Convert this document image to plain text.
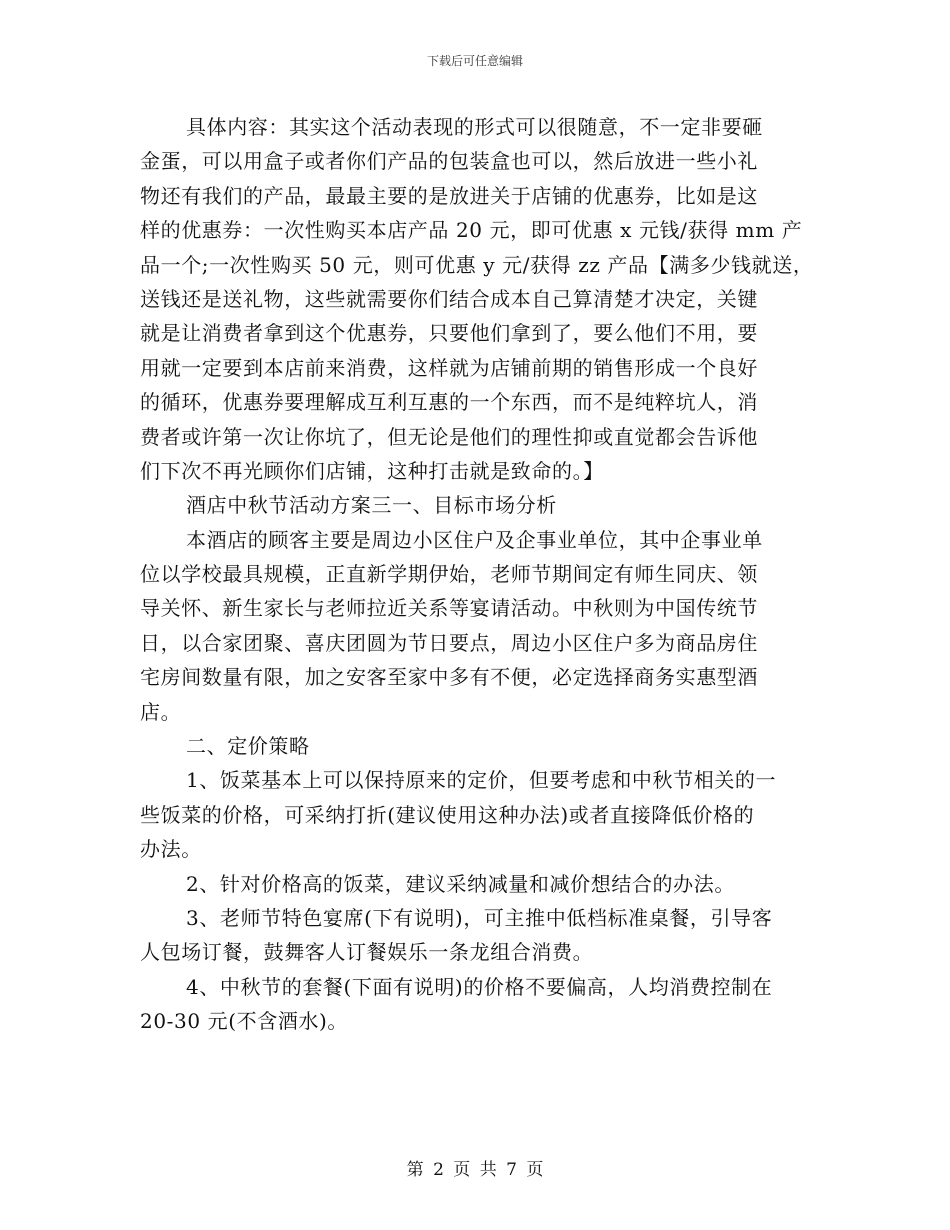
下载后可任意编辑
具体内容：其实这个活动表现的形式可以很随意，不一定非要砸
金蛋，可以用盒子或者你们产品的包装盒也可以，然后放进一些小礼
物还有我们的产品，最最主要的是放进关于店铺的优惠券，比如是这
样的优惠券：一次性购买本店产品 20 元，即可优惠 x 元钱/获得 mm 产
品一个;一次性购买 50 元，则可优惠 y 元/获得 zz 产品【满多少钱就送，
送钱还是送礼物，这些就需要你们结合成本自己算清楚才决定，关键
就是让消费者拿到这个优惠券，只要他们拿到了，要么他们不用，要
用就一定要到本店前来消费，这样就为店铺前期的销售形成一个良好
的循环，优惠券要理解成互利互惠的一个东西，而不是纯粹坑人，消
费者或许第一次让你坑了，但无论是他们的理性抑或直觉都会告诉他
们下次不再光顾你们店铺，这种打击就是致命的。】
酒店中秋节活动方案三一、目标市场分析
本酒店的顾客主要是周边小区住户及企事业单位，其中企事业单
位以学校最具规模，正直新学期伊始，老师节期间定有师生同庆、领
导关怀、新生家长与老师拉近关系等宴请活动。中秋则为中国传统节
日，以合家团聚、喜庆团圆为节日要点，周边小区住户多为商品房住
宅房间数量有限，加之安客至家中多有不便，必定选择商务实惠型酒
店。
二、定价策略
1、饭菜基本上可以保持原来的定价，但要考虑和中秋节相关的一
些饭菜的价格，可采纳打折(建议使用这种办法)或者直接降低价格的
办法。
2、针对价格高的饭菜，建议采纳减量和减价想结合的办法。
3、老师节特色宴席(下有说明)，可主推中低档标准桌餐，引导客
人包场订餐，鼓舞客人订餐娱乐一条龙组合消费。
4、中秋节的套餐(下面有说明)的价格不要偏高，人均消费控制在
20-30 元(不含酒水)。
第 2 页 共 7 页
